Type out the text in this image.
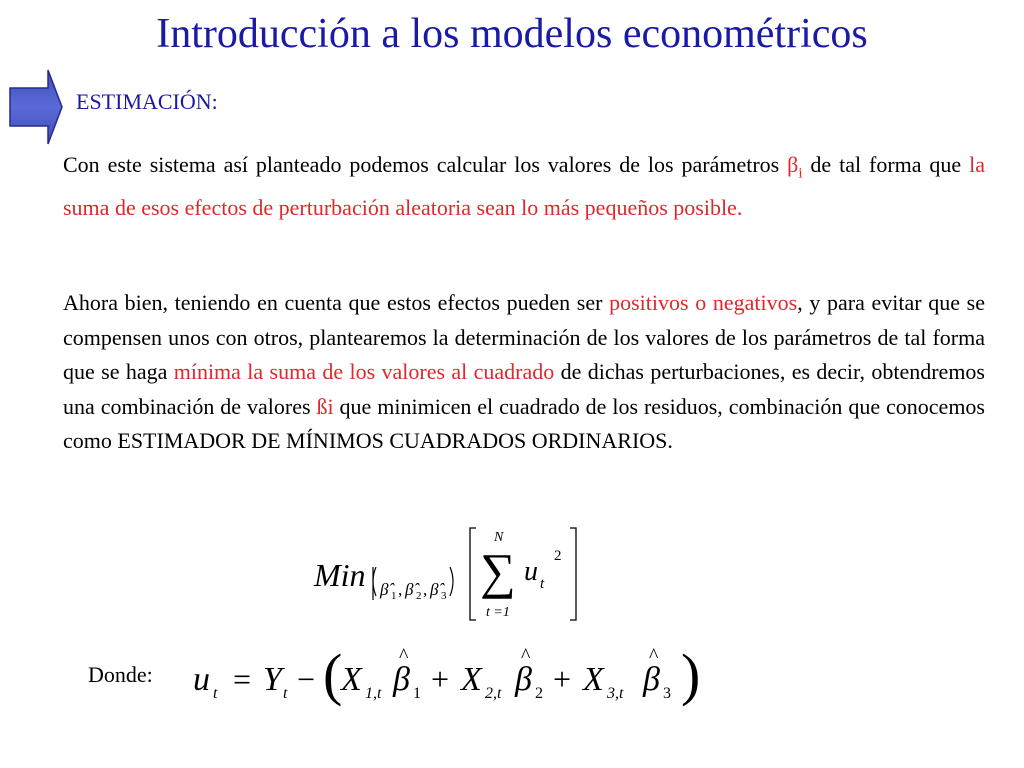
Introducción a los modelos econométricos
ESTIMACIÓN:

Con este sistema así planteado podemos calcular los valores de los parámetros $\beta_i$ de tal forma que la suma de esos efectos de perturbación aleatoria sean lo más pequeños posible.

Ahora bien, teniendo en cuenta que estos efectos pueden ser positivos o negativos, y para evitar que se compensen unos con otros, plantearemos la determinación de los valores de los parámetros de tal forma que se haga mínima la suma de los valores al cuadrado de dichas perturbaciones, es decir, obtendremos una combinación de valores ßi que minimicen el cuadrado de los residuos, combinación que conocemos como ESTIMADOR DE MÍNIMOS CUADRADOS ORDINARIOS.

Min β̂ 1 , β̂ 2 , β̂ 3
N
∑
t =1
u t
2
Donde: u t = Y t − (
X 1,t β
^
1 + X 2,t β
^
2 + X 3,t β
^
3 )
